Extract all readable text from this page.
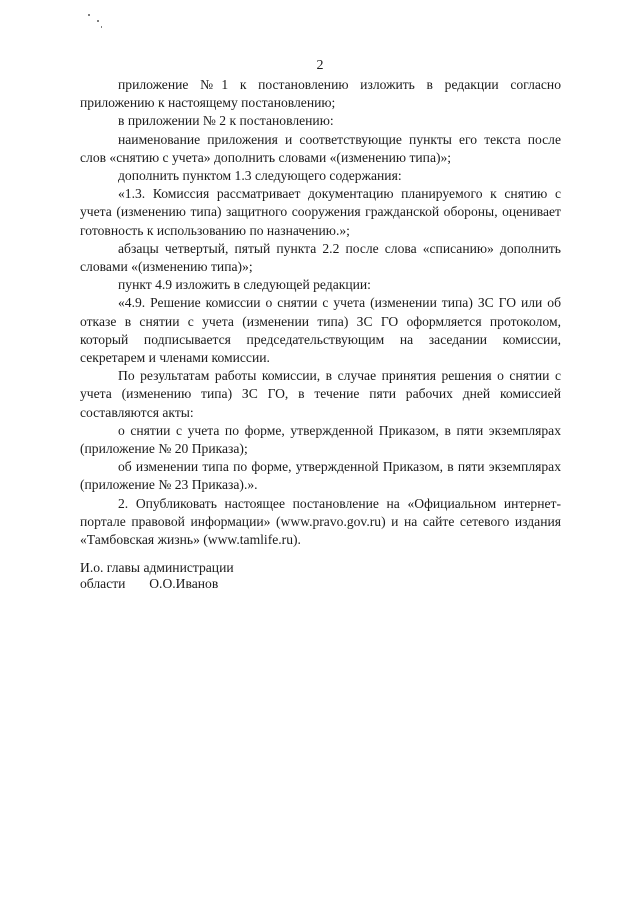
2

приложение №1 к постановлению изложить в редакции согласно приложению к настоящему постановлению;

в приложении № 2 к постановлению:

наименование приложения и соответствующие пункты его текста после слов «снятию с учета» дополнить словами «(изменению типа)»;

дополнить пунктом 1.3 следующего содержания:

«1.3. Комиссия рассматривает документацию планируемого к снятию с учета (изменению типа) защитного сооружения гражданской обороны, оценивает готовность к использованию по назначению.»;

абзацы четвертый, пятый пункта 2.2 после слова «списанию» дополнить словами «(изменению типа)»;

пункт 4.9 изложить в следующей редакции:

«4.9. Решение комиссии о снятии с учета (изменении типа) ЗС ГО или об отказе в снятии с учета (изменении типа) ЗС ГО оформляется протоколом, который подписывается председательствующим на заседании комиссии, секретарем и членами комиссии.

По результатам работы комиссии, в случае принятия решения о снятии с учета (изменению типа) ЗС ГО, в течение пяти рабочих дней комиссией составляются акты:

о снятии с учета по форме, утвержденной Приказом, в пяти экземплярах (приложение № 20 Приказа);

об изменении типа по форме, утвержденной Приказом, в пяти экземплярах (приложение № 23 Приказа).».

2. Опубликовать настоящее постановление на «Официальном интернет-портале правовой информации» (www.pravo.gov.ru) и на сайте сетевого издания «Тамбовская жизнь» (www.tamlife.ru).

И.о. главы администрации
области       О.О.Иванов
